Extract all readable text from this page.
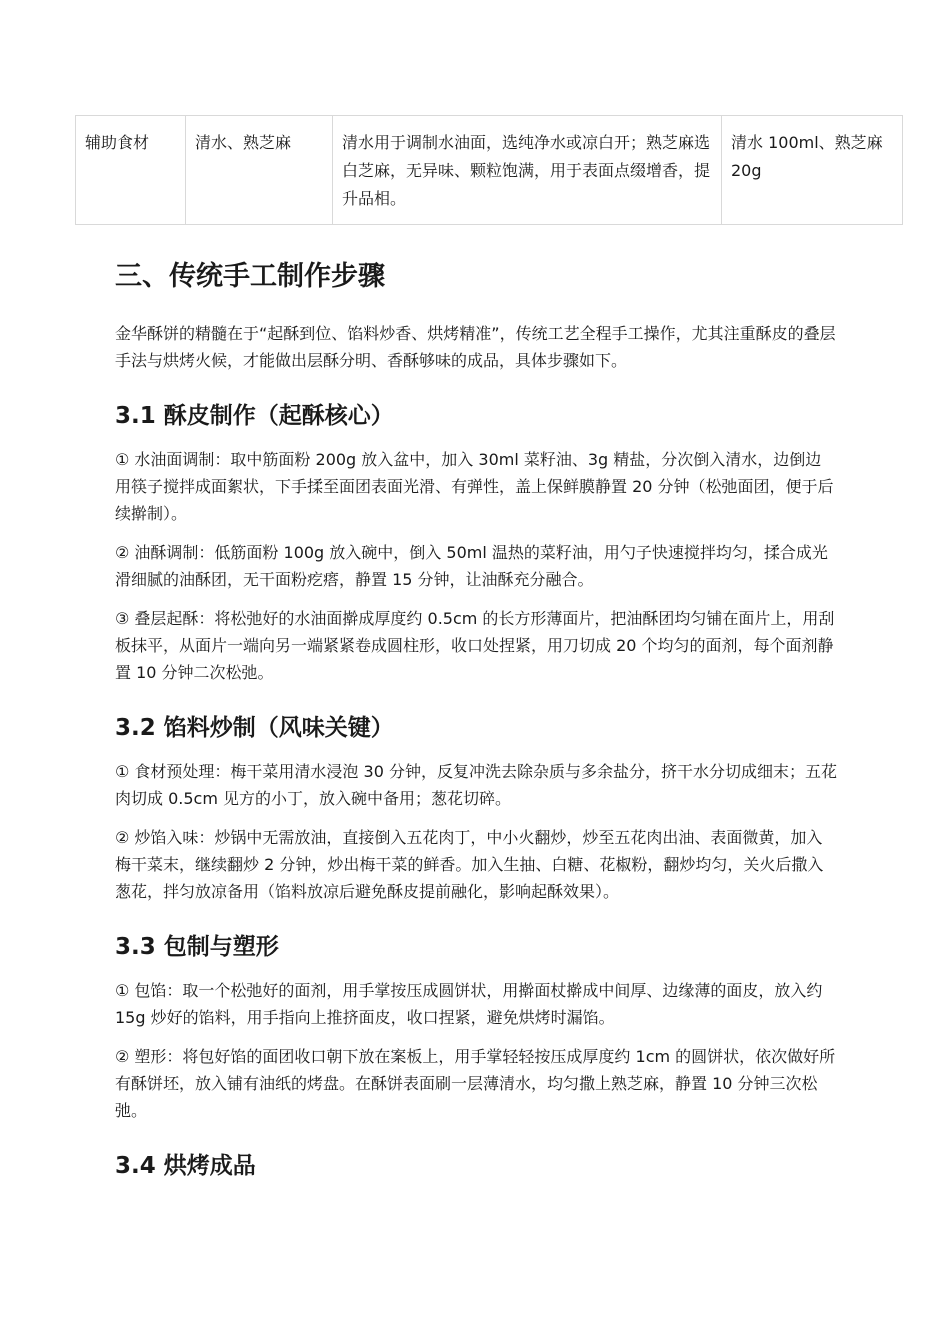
辅助食材	清水、熟芝麻	清水用于调制水油面，选纯净水或凉白开；熟芝麻选白芝麻，无异味、颗粒饱满，用于表面点缀增香，提升品相。	清水 100ml、熟芝麻 20g
三、传统手工制作步骤

金华酥饼的精髓在于“起酥到位、馅料炒香、烘烤精准”，传统工艺全程手工操作，尤其注重酥皮的叠层手法与烘烤火候，才能做出层酥分明、香酥够味的成品，具体步骤如下。

3.1 酥皮制作（起酥核心）

① 水油面调制：取中筋面粉 200g 放入盆中，加入 30ml 菜籽油、3g 精盐，分次倒入清水，边倒边用筷子搅拌成面絮状，下手揉至面团表面光滑、有弹性，盖上保鲜膜静置 20 分钟（松弛面团，便于后续擀制）。

② 油酥调制：低筋面粉 100g 放入碗中，倒入 50ml 温热的菜籽油，用勺子快速搅拌均匀，揉合成光滑细腻的油酥团，无干面粉疙瘩，静置 15 分钟，让油酥充分融合。

③ 叠层起酥：将松弛好的水油面擀成厚度约 0.5cm 的长方形薄面片，把油酥团均匀铺在面片上，用刮板抹平，从面片一端向另一端紧紧卷成圆柱形，收口处捏紧，用刀切成 20 个均匀的面剂，每个面剂静置 10 分钟二次松弛。

3.2 馅料炒制（风味关键）

① 食材预处理：梅干菜用清水浸泡 30 分钟，反复冲洗去除杂质与多余盐分，挤干水分切成细末；五花肉切成 0.5cm 见方的小丁，放入碗中备用；葱花切碎。

② 炒馅入味：炒锅中无需放油，直接倒入五花肉丁，中小火翻炒，炒至五花肉出油、表面微黄，加入梅干菜末，继续翻炒 2 分钟，炒出梅干菜的鲜香。加入生抽、白糖、花椒粉，翻炒均匀，关火后撒入葱花，拌匀放凉备用（馅料放凉后避免酥皮提前融化，影响起酥效果）。

3.3 包制与塑形

① 包馅：取一个松弛好的面剂，用手掌按压成圆饼状，用擀面杖擀成中间厚、边缘薄的面皮，放入约 15g 炒好的馅料，用手指向上推挤面皮，收口捏紧，避免烘烤时漏馅。

② 塑形：将包好馅的面团收口朝下放在案板上，用手掌轻轻按压成厚度约 1cm 的圆饼状，依次做好所有酥饼坯，放入铺有油纸的烤盘。在酥饼表面刷一层薄清水，均匀撒上熟芝麻，静置 10 分钟三次松弛。

3.4 烘烤成品
